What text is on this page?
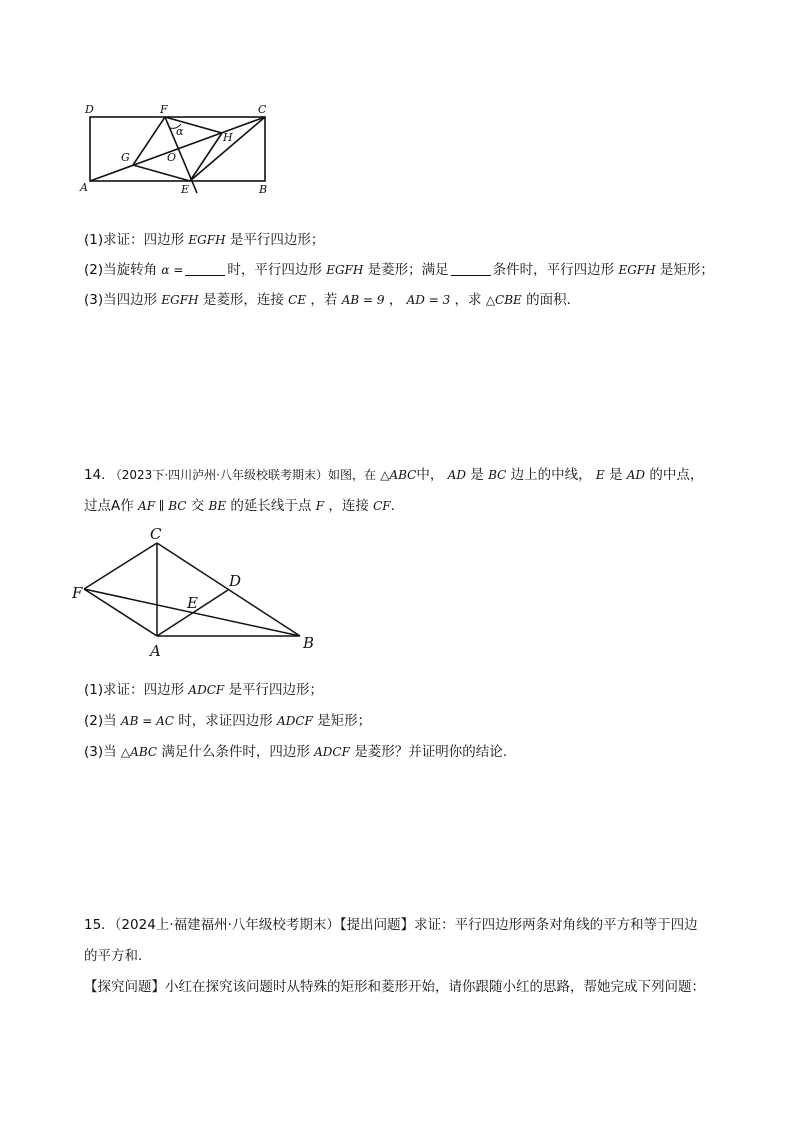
D	F	C
H
α
G	O
A	E	B
(1)求证：四边形 EGFH 是平行四边形；
(2)当旋转角 α =	时，平行四边形 EGFH 是菱形；满足	条件时，平行四边形 EGFH 是矩形；
(3)当四边形 EGFH 是菱形，连接 CE ，若 AB = 9 ， AD = 3 ，求 △CBE 的面积.
14. （2023下·四川泸州·八年级校联考期末）如图，在 △ABC中， AD 是 BC 边上的中线， E 是 AD 的中点，
过点A作 AF ∥ BC 交 BE 的延长线于点 F ，连接 CF.
C
D
F
E
A	B
(1)求证：四边形 ADCF 是平行四边形；
(2)当 AB = AC 时，求证四边形 ADCF 是矩形；
(3)当 △ABC 满足什么条件时，四边形 ADCF 是菱形？并证明你的结论.
15．（2024上·福建福州·八年级校考期末）【提出问题】求证：平行四边形两条对角线的平方和等于四边
的平方和.
【探究问题】小红在探究该问题时从特殊的矩形和菱形开始，请你跟随小红的思路，帮她完成下列问题：
